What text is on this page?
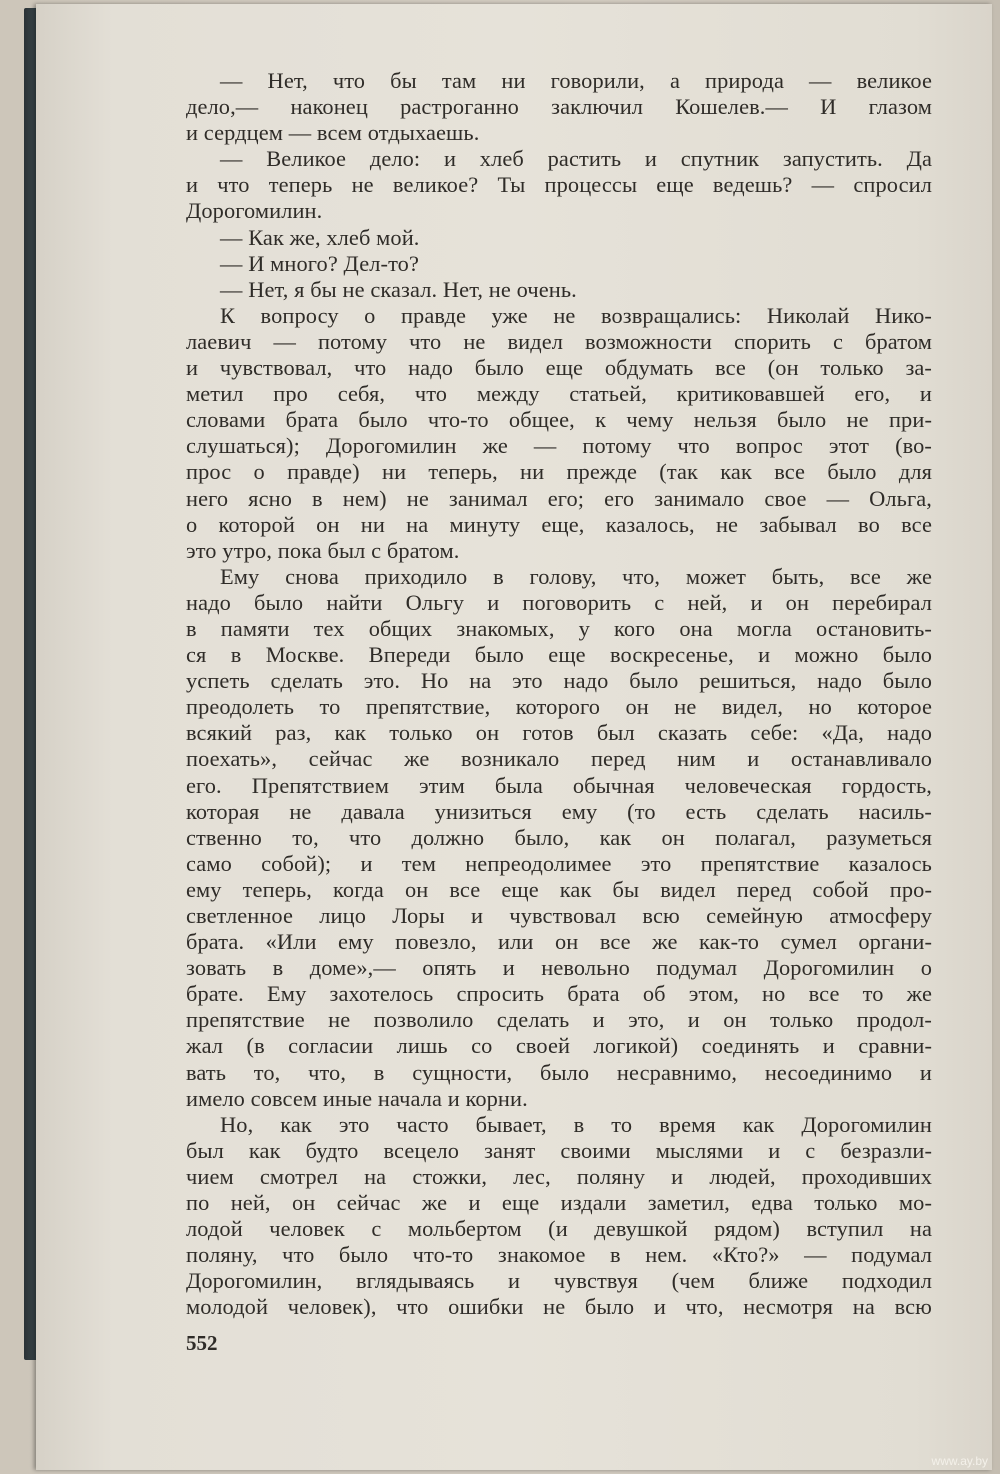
— Нет, что бы там ни говорили, а природа — великое
дело,— наконец растроганно заключил Кошелев.— И глазом
и сердцем — всем отдыхаешь.
— Великое дело: и хлеб растить и спутник запустить. Да
и что теперь не великое? Ты процессы еще ведешь? — спросил
Дорогомилин.
— Как же, хлеб мой.
— И много? Дел-то?
— Нет, я бы не сказал. Нет, не очень.
К вопросу о правде уже не возвращались: Николай Нико-
лаевич — потому что не видел возможности спорить с братом
и чувствовал, что надо было еще обдумать все (он только за-
метил про себя, что между статьей, критиковавшей его, и
словами брата было что-то общее, к чему нельзя было не при-
слушаться); Дорогомилин же — потому что вопрос этот (во-
прос о правде) ни теперь, ни прежде (так как все было для
него ясно в нем) не занимал его; его занимало свое — Ольга,
о которой он ни на минуту еще, казалось, не забывал во все
это утро, пока был с братом.
Ему снова приходило в голову, что, может быть, все же
надо было найти Ольгу и поговорить с ней, и он перебирал
в памяти тех общих знакомых, у кого она могла остановить-
ся в Москве. Впереди было еще воскресенье, и можно было
успеть сделать это. Но на это надо было решиться, надо было
преодолеть то препятствие, которого он не видел, но которое
всякий раз, как только он готов был сказать себе: «Да, надо
поехать», сейчас же возникало перед ним и останавливало
его. Препятствием этим была обычная человеческая гордость,
которая не давала унизиться ему (то есть сделать насиль-
ственно то, что должно было, как он полагал, разуметься
само собой); и тем непреодолимее это препятствие казалось
ему теперь, когда он все еще как бы видел перед собой про-
светленное лицо Лоры и чувствовал всю семейную атмосферу
брата. «Или ему повезло, или он все же как-то сумел органи-
зовать в доме»,— опять и невольно подумал Дорогомилин о
брате. Ему захотелось спросить брата об этом, но все то же
препятствие не позволило сделать и это, и он только продол-
жал (в согласии лишь со своей логикой) соединять и сравни-
вать то, что, в сущности, было несравнимо, несоединимо и
имело совсем иные начала и корни.
Но, как это часто бывает, в то время как Дорогомилин
был как будто всецело занят своими мыслями и с безразли-
чием смотрел на стожки, лес, поляну и людей, проходивших
по ней, он сейчас же и еще издали заметил, едва только мо-
лодой человек с мольбертом (и девушкой рядом) вступил на
поляну, что было что-то знакомое в нем. «Кто?» — подумал
Дорогомилин, вглядываясь и чувствуя (чем ближе подходил
молодой человек), что ошибки не было и что, несмотря на всю
552
www.ay.by
